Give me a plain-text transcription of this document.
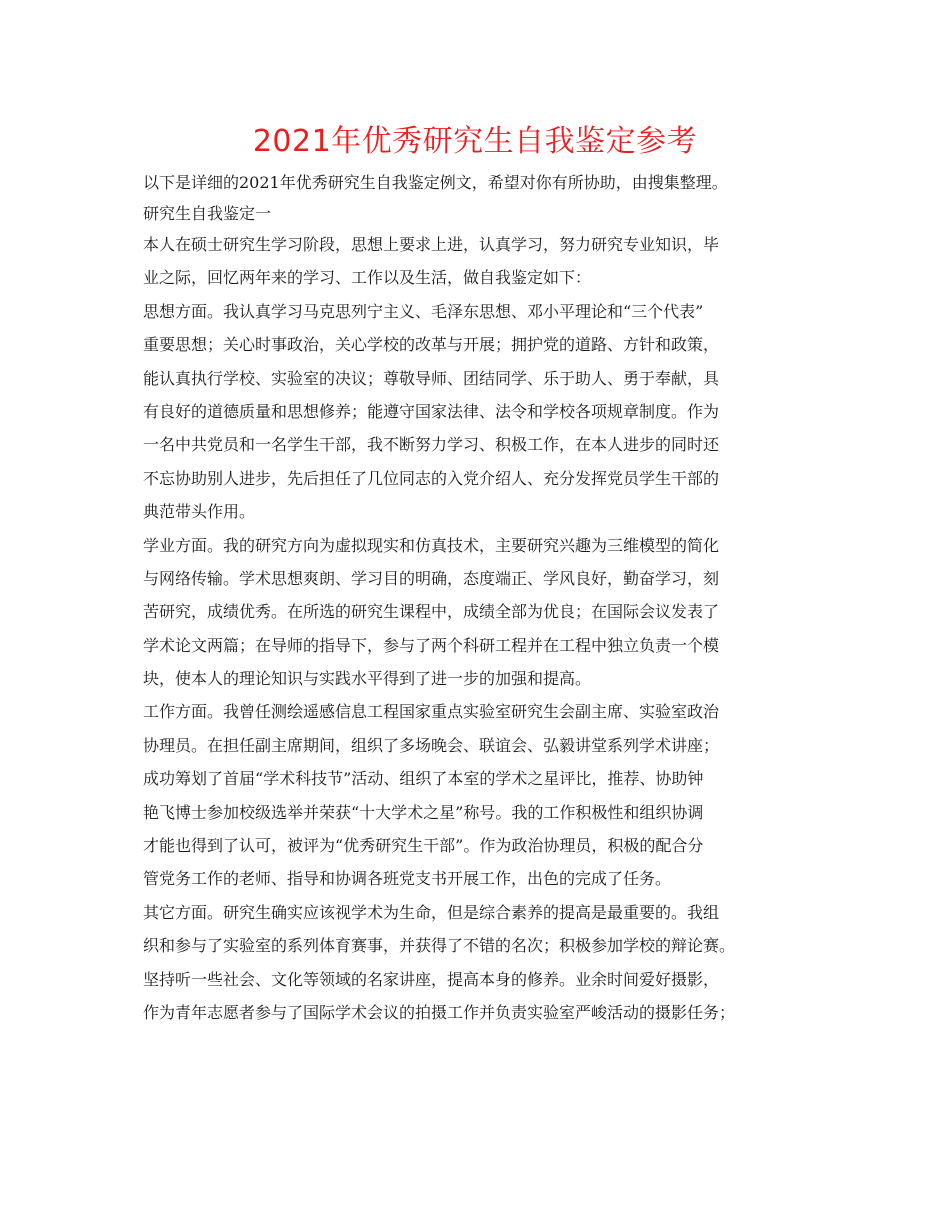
2021年优秀研究生自我鉴定参考
以下是详细的2021年优秀研究生自我鉴定例文，希望对你有所协助，由搜集整理。
研究生自我鉴定一
本人在硕士研究生学习阶段，思想上要求上进，认真学习，努力研究专业知识，毕
业之际，回忆两年来的学习、工作以及生活，做自我鉴定如下：
思想方面。我认真学习马克思列宁主义、毛泽东思想、邓小平理论和“三个代表”
重要思想；关心时事政治，关心学校的改革与开展；拥护党的道路、方针和政策，
能认真执行学校、实验室的决议；尊敬导师、团结同学、乐于助人、勇于奉献，具
有良好的道德质量和思想修养；能遵守国家法律、法令和学校各项规章制度。作为
一名中共党员和一名学生干部，我不断努力学习、积极工作，在本人进步的同时还
不忘协助别人进步，先后担任了几位同志的入党介绍人、充分发挥党员学生干部的
典范带头作用。
学业方面。我的研究方向为虚拟现实和仿真技术，主要研究兴趣为三维模型的简化
与网络传输。学术思想爽朗、学习目的明确，态度端正、学风良好，勤奋学习，刻
苦研究，成绩优秀。在所选的研究生课程中，成绩全部为优良；在国际会议发表了
学术论文两篇；在导师的指导下，参与了两个科研工程并在工程中独立负责一个模
块，使本人的理论知识与实践水平得到了进一步的加强和提高。
工作方面。我曾任测绘遥感信息工程国家重点实验室研究生会副主席、实验室政治
协理员。在担任副主席期间，组织了多场晚会、联谊会、弘毅讲堂系列学术讲座；
成功筹划了首届“学术科技节”活动、组织了本室的学术之星评比，推荐、协助钟
艳飞博士参加校级选举并荣获“十大学术之星”称号。我的工作积极性和组织协调
才能也得到了认可，被评为“优秀研究生干部”。作为政治协理员，积极的配合分
管党务工作的老师、指导和协调各班党支书开展工作，出色的完成了任务。
其它方面。研究生确实应该视学术为生命，但是综合素养的提高是最重要的。我组
织和参与了实验室的系列体育赛事，并获得了不错的名次；积极参加学校的辩论赛。
坚持听一些社会、文化等领域的名家讲座，提高本身的修养。业余时间爱好摄影，
作为青年志愿者参与了国际学术会议的拍摄工作并负责实验室严峻活动的摄影任务；
